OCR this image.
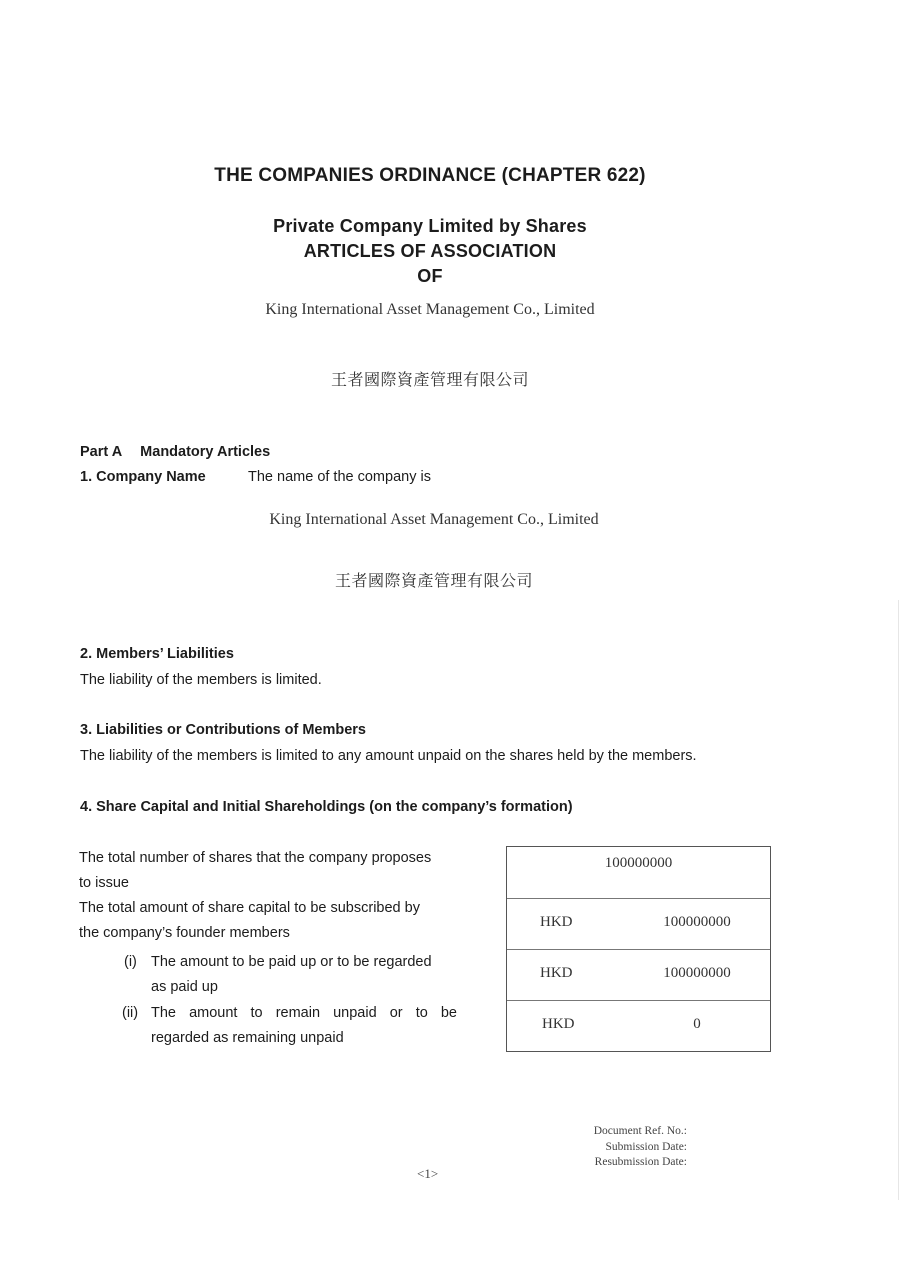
THE COMPANIES ORDINANCE (CHAPTER 622)
Private Company Limited by Shares
ARTICLES OF ASSOCIATION
OF
King International Asset Management Co., Limited
王者國際資產管理有限公司
Part A Mandatory Articles
1. Company Name	The name of the company is
King International Asset Management Co., Limited
王者國際資產管理有限公司
2. Members’ Liabilities
The liability of the members is limited.
3. Liabilities or Contributions of Members
The liability of the members is limited to any amount unpaid on the shares held by the members.
4. Share Capital and Initial Shareholdings (on the company’s formation)
The total number of shares that the company proposes
to issue
The total amount of share capital to be subscribed by
the company’s founder members
(i) The amount to be paid up or to be regarded
as paid up
(ii) The amount to remain unpaid or to be
regarded as remaining unpaid
100000000
HKD	100000000
HKD	100000000
HKD	0
Document Ref. No.:
Submission Date:
Resubmission Date:
<1>
